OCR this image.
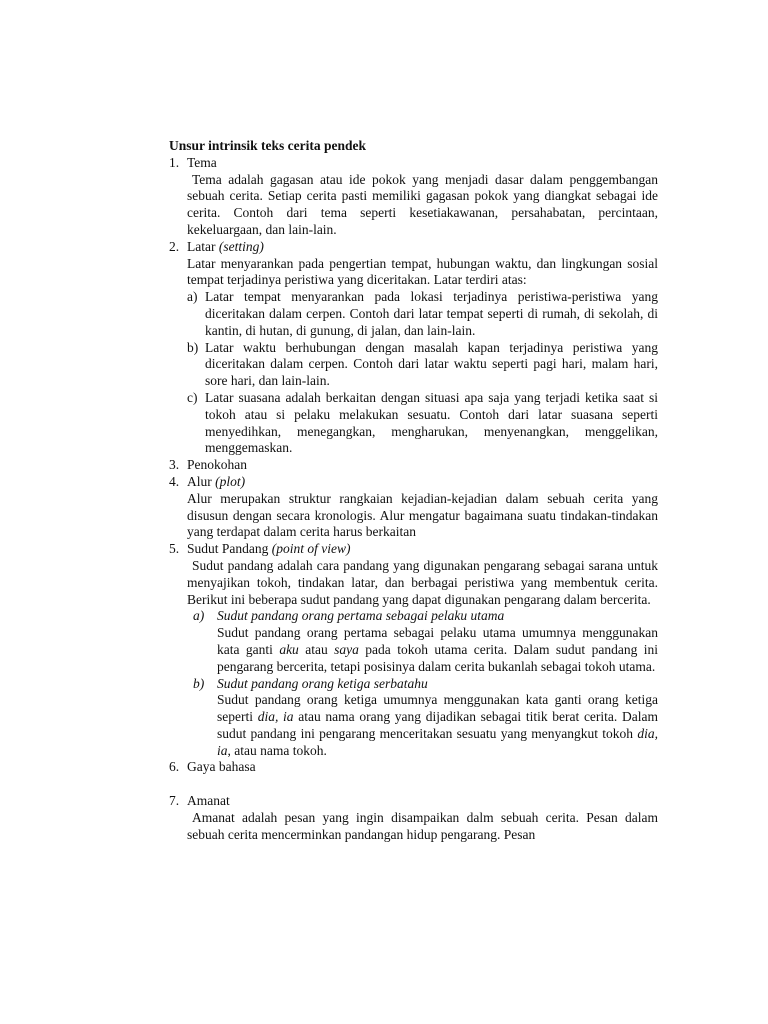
Unsur intrinsik teks cerita pendek

1. Tema

Tema adalah gagasan atau ide pokok yang menjadi dasar dalam penggembangan sebuah cerita. Setiap cerita pasti memiliki gagasan pokok yang diangkat sebagai ide cerita. Contoh dari tema seperti kesetiakawanan, persahabatan, percintaan, kekeluargaan, dan lain-lain.

2. Latar (setting)

Latar menyarankan pada pengertian tempat, hubungan waktu, dan lingkungan sosial tempat terjadinya peristiwa yang diceritakan. Latar terdiri atas:

a) Latar tempat menyarankan pada lokasi terjadinya peristiwa-peristiwa yang diceritakan dalam cerpen. Contoh dari latar tempat seperti di rumah, di sekolah, di kantin, di hutan, di gunung, di jalan, dan lain-lain.

b) Latar waktu berhubungan dengan masalah kapan terjadinya peristiwa yang diceritakan dalam cerpen. Contoh dari latar waktu seperti pagi hari, malam hari, sore hari, dan lain-lain.

c) Latar suasana adalah berkaitan dengan situasi apa saja yang terjadi ketika saat si tokoh atau si pelaku melakukan sesuatu. Contoh dari latar suasana seperti menyedihkan, menegangkan, mengharukan, menyenangkan, menggelikan, menggemaskan.

3. Penokohan

4. Alur (plot)

Alur merupakan struktur rangkaian kejadian-kejadian dalam sebuah cerita yang disusun dengan secara kronologis. Alur mengatur bagaimana suatu tindakan-tindakan yang terdapat dalam cerita harus berkaitan

5. Sudut Pandang (point of view)

Sudut pandang adalah cara pandang yang digunakan pengarang sebagai sarana untuk menyajikan tokoh, tindakan latar, dan berbagai peristiwa yang membentuk cerita. Berikut ini beberapa sudut pandang yang dapat digunakan pengarang dalam bercerita.

a) Sudut pandang orang pertama sebagai pelaku utama

Sudut pandang orang pertama sebagai pelaku utama umumnya menggunakan kata ganti aku atau saya pada tokoh utama cerita. Dalam sudut pandang ini pengarang bercerita, tetapi posisinya dalam cerita bukanlah sebagai tokoh utama.

b) Sudut pandang orang ketiga serbatahu

Sudut pandang orang ketiga umumnya menggunakan kata ganti orang ketiga seperti dia, ia atau nama orang yang dijadikan sebagai titik berat cerita. Dalam sudut pandang ini pengarang menceritakan sesuatu yang menyangkut tokoh dia, ia, atau nama tokoh.

6. Gaya bahasa

7. Amanat

Amanat adalah pesan yang ingin disampaikan dalm sebuah cerita. Pesan dalam sebuah cerita mencerminkan pandangan hidup pengarang. Pesan
